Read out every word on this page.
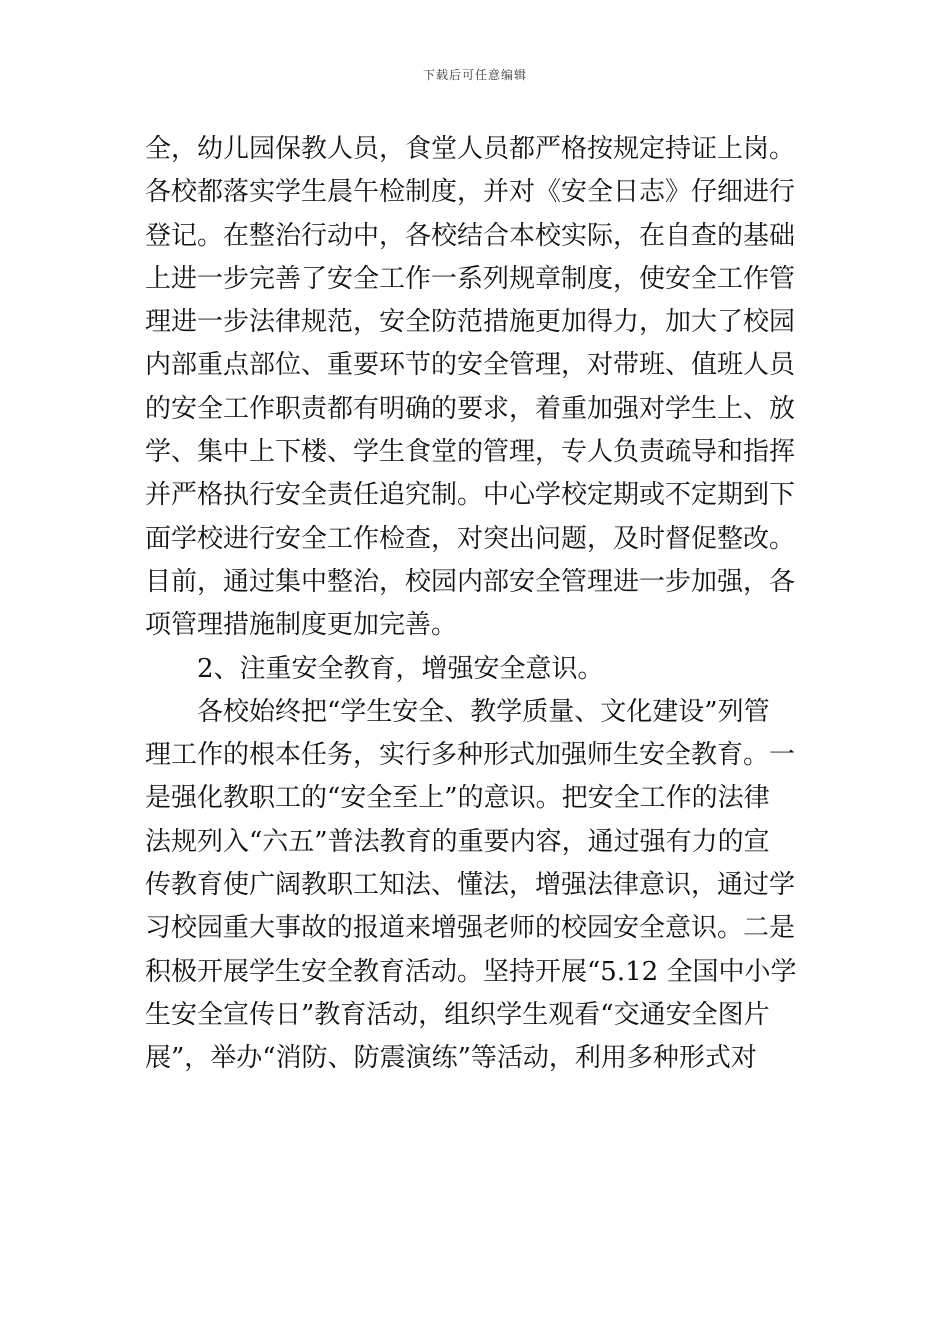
下载后可任意编辑
全，幼儿园保教人员，食堂人员都严格按规定持证上岗。
各校都落实学生晨午检制度，并对《安全日志》仔细进行
登记。在整治行动中，各校结合本校实际，在自查的基础
上进一步完善了安全工作一系列规章制度，使安全工作管
理进一步法律规范，安全防范措施更加得力，加大了校园
内部重点部位、重要环节的安全管理，对带班、值班人员
的安全工作职责都有明确的要求，着重加强对学生上、放
学、集中上下楼、学生食堂的管理，专人负责疏导和指挥
并严格执行安全责任追究制。中心学校定期或不定期到下
面学校进行安全工作检查，对突出问题，及时督促整改。
目前，通过集中整治，校园内部安全管理进一步加强，各
项管理措施制度更加完善。
2、注重安全教育，增强安全意识。
各校始终把“学生安全、教学质量、文化建设”列管
理工作的根本任务，实行多种形式加强师生安全教育。一
是强化教职工的“安全至上”的意识。把安全工作的法律
法规列入“六五”普法教育的重要内容，通过强有力的宣
传教育使广阔教职工知法、懂法，增强法律意识，通过学
习校园重大事故的报道来增强老师的校园安全意识。二是
积极开展学生安全教育活动。坚持开展“5.12 全国中小学
生安全宣传日”教育活动，组织学生观看“交通安全图片
展”，举办“消防、防震演练”等活动，利用多种形式对
